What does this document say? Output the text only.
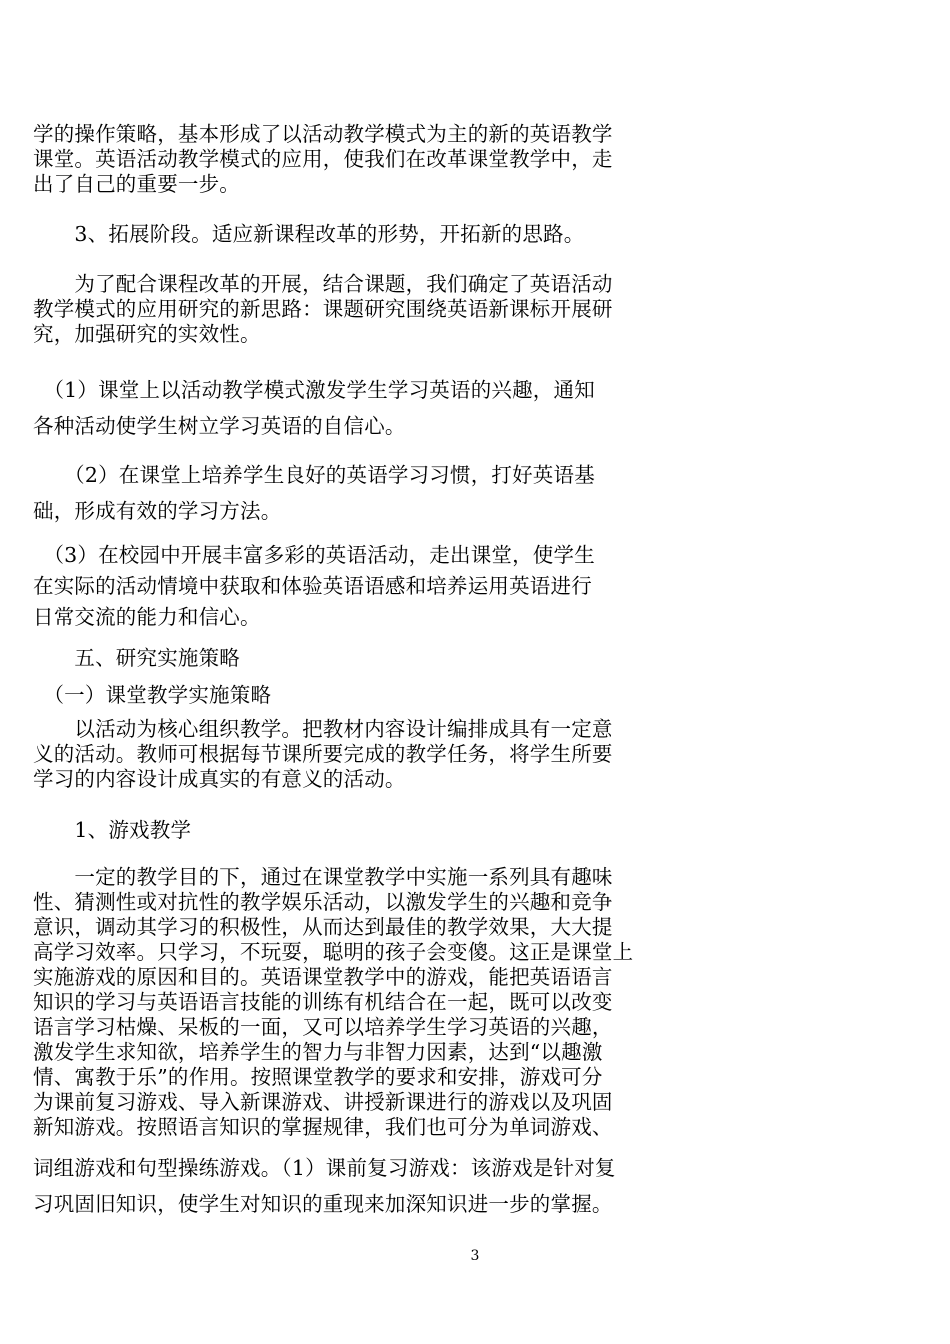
学的操作策略，基本形成了以活动教学模式为主的新的英语教学
课堂。英语活动教学模式的应用，使我们在改革课堂教学中，走
出了自己的重要一步。
　　3、拓展阶段。适应新课程改革的形势，开拓新的思路。
　　为了配合课程改革的开展，结合课题，我们确定了英语活动
教学模式的应用研究的新思路：课题研究围绕英语新课标开展研
究，加强研究的实效性。
　（1）课堂上以活动教学模式激发学生学习英语的兴趣，通知
各种活动使学生树立学习英语的自信心。
　　（2）在课堂上培养学生良好的英语学习习惯，打好英语基
础，形成有效的学习方法。
　（3）在校园中开展丰富多彩的英语活动，走出课堂，使学生
在实际的活动情境中获取和体验英语语感和培养运用英语进行
日常交流的能力和信心。
　　五、研究实施策略
　（一）课堂教学实施策略
　　以活动为核心组织教学。把教材内容设计编排成具有一定意
义的活动。教师可根据每节课所要完成的教学任务，将学生所要
学习的内容设计成真实的有意义的活动。
　　1、游戏教学
　　一定的教学目的下，通过在课堂教学中实施一系列具有趣味
性、猜测性或对抗性的教学娱乐活动，以激发学生的兴趣和竞争
意识，调动其学习的积极性，从而达到最佳的教学效果，大大提
高学习效率。只学习，不玩耍，聪明的孩子会变傻。这正是课堂上
实施游戏的原因和目的。英语课堂教学中的游戏，能把英语语言
知识的学习与英语语言技能的训练有机结合在一起，既可以改变
语言学习枯燥、呆板的一面，又可以培养学生学习英语的兴趣，
激发学生求知欲，培养学生的智力与非智力因素，达到“以趣激
情、寓教于乐”的作用。按照课堂教学的要求和安排，游戏可分
为课前复习游戏、导入新课游戏、讲授新课进行的游戏以及巩固
新知游戏。按照语言知识的掌握规律，我们也可分为单词游戏、
词组游戏和句型操练游戏。（1）课前复习游戏：该游戏是针对复
习巩固旧知识，使学生对知识的重现来加深知识进一步的掌握。
3
